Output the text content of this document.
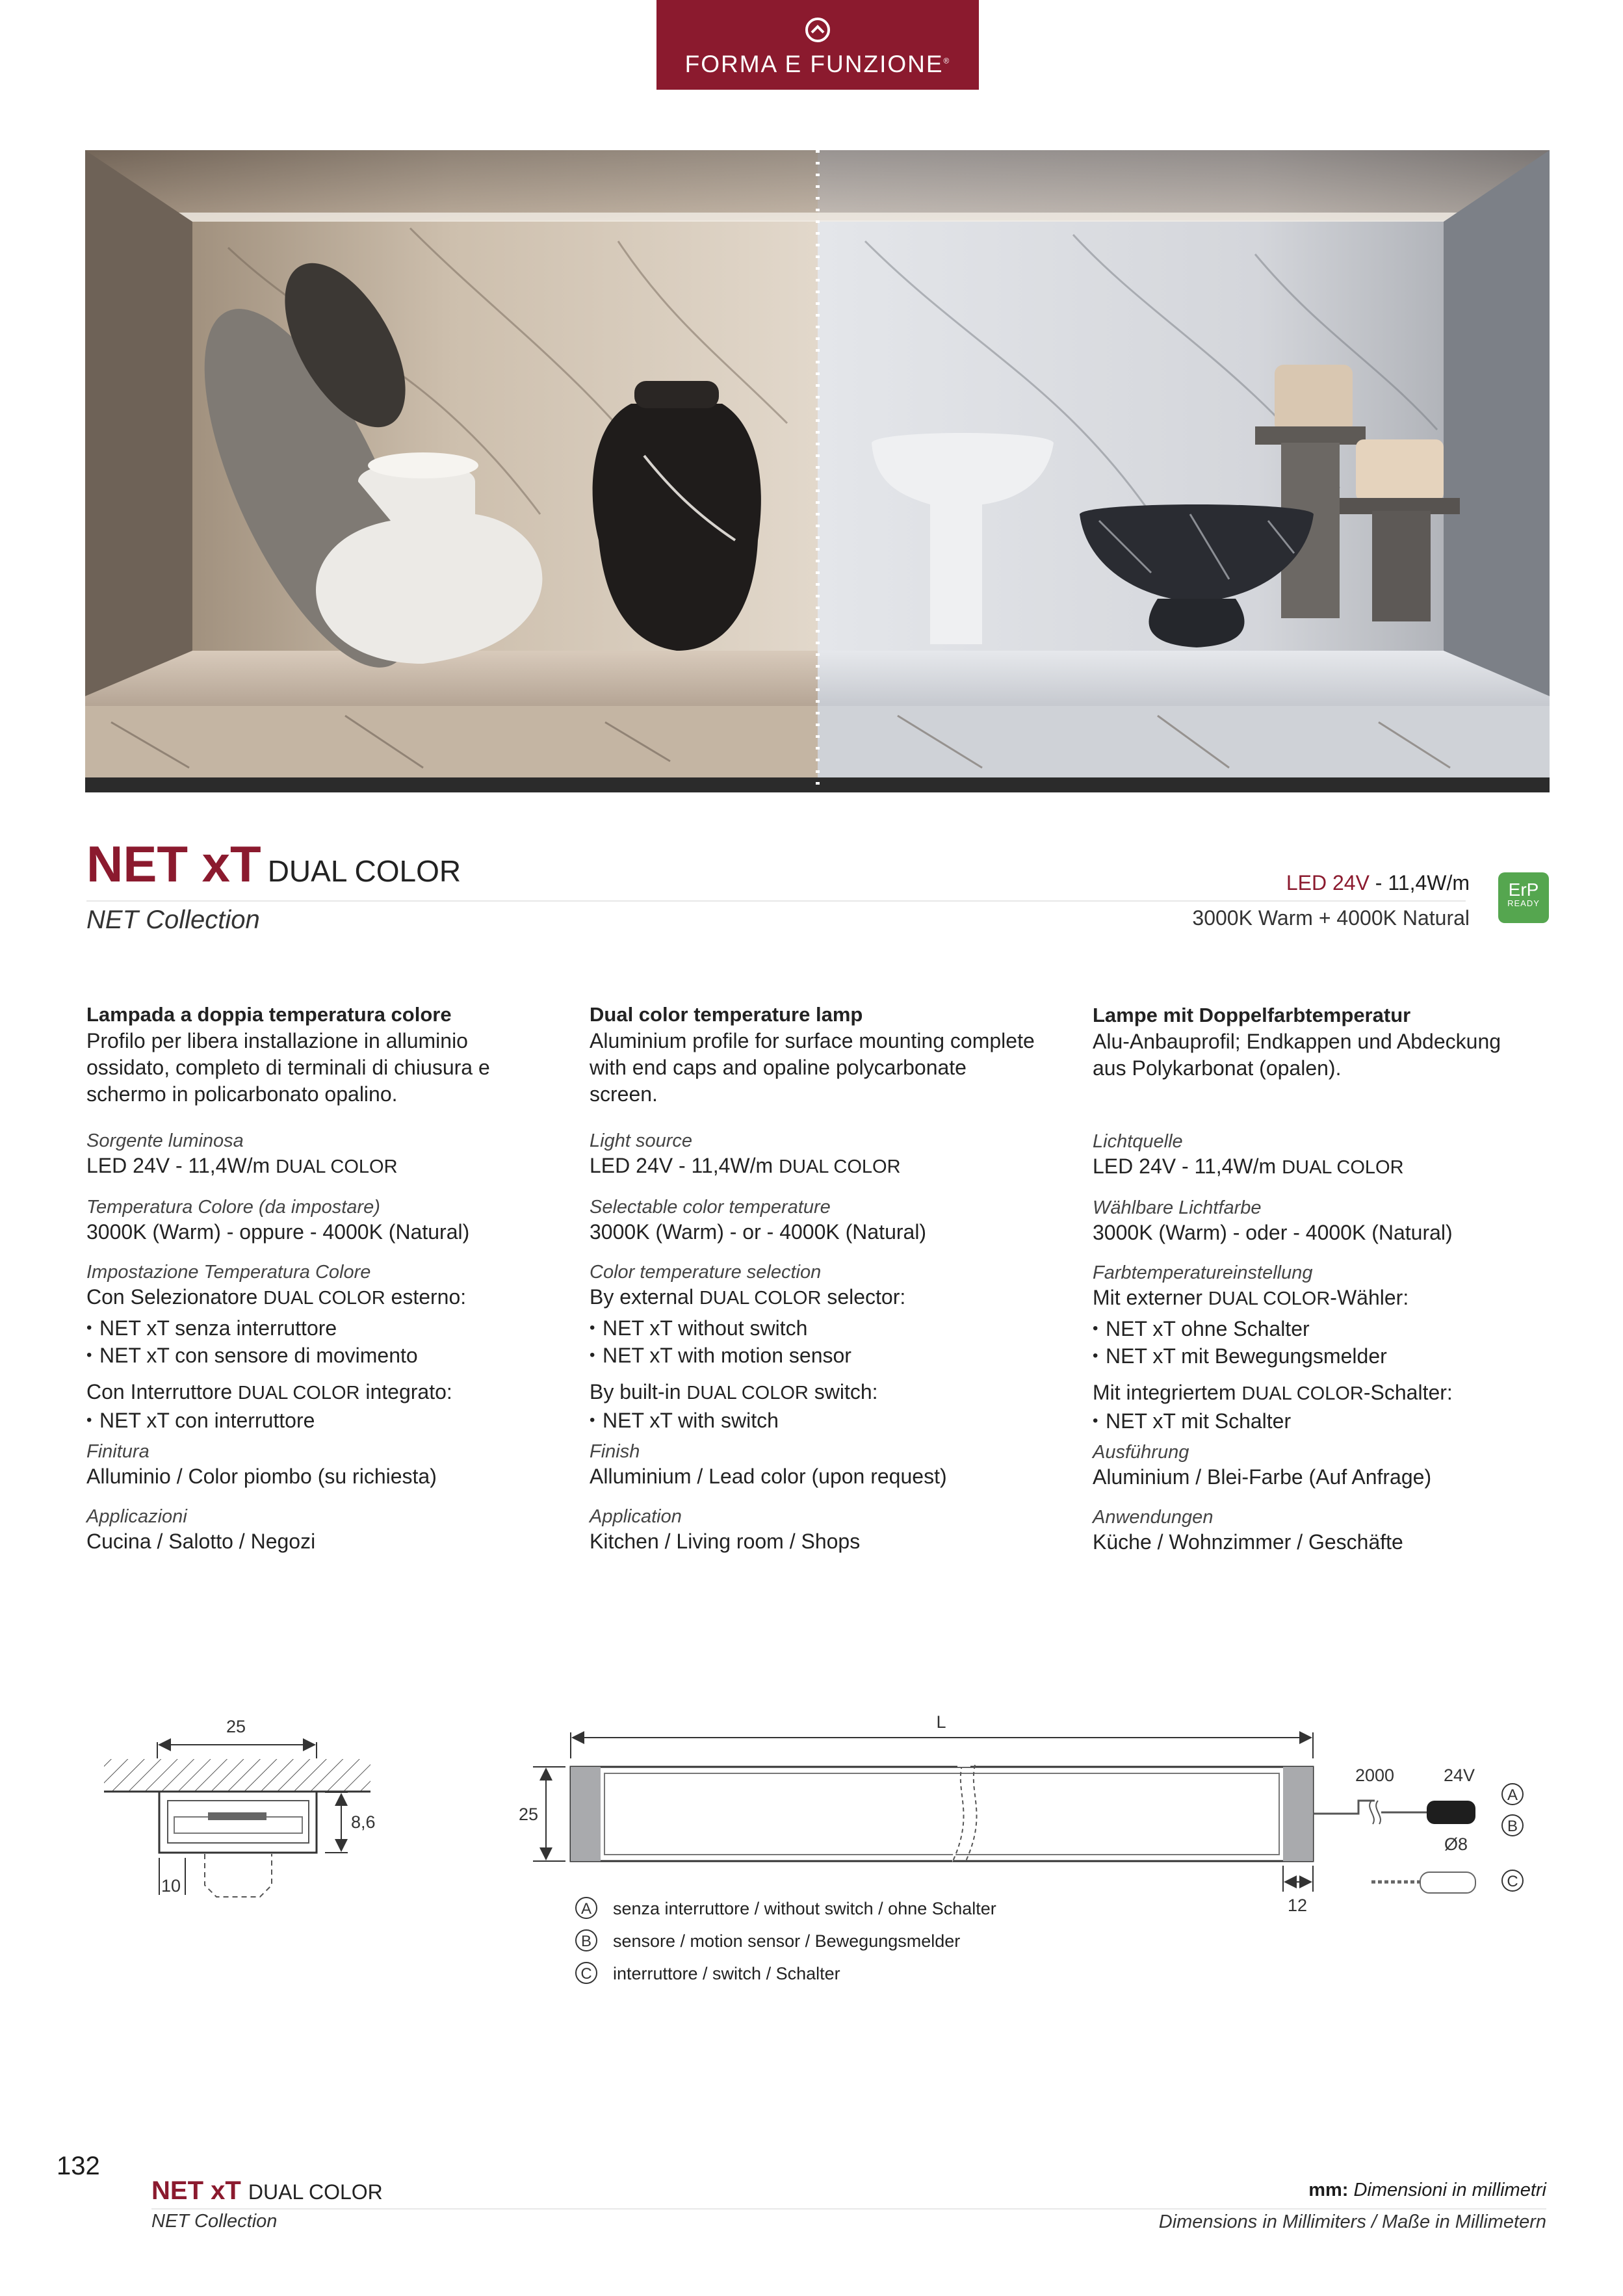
FORMA E FUNZIONE®
NET xT DUAL COLOR
NET Collection
LED 24V - 11,4W/m
3000K Warm + 4000K Natural
ErP
READY
Lampada a doppia temperatura colore
Profilo per libera installazione in alluminio
ossidato, completo di terminali di chiusura e
schermo in policarbonato opalino.
Sorgente luminosa
LED 24V - 11,4W/m DUAL COLOR
Temperatura Colore (da impostare)
3000K (Warm) - oppure - 4000K (Natural)
Impostazione Temperatura Colore
Con Selezionatore DUAL COLOR esterno:
• NET xT senza interruttore
• NET xT con sensore di movimento
Con Interruttore DUAL COLOR integrato:
• NET xT con interruttore
Finitura
Alluminio / Color piombo (su richiesta)
Applicazioni
Cucina / Salotto / Negozi
Dual color temperature lamp
Aluminium profile for surface mounting complete
with end caps and opaline polycarbonate
screen.
Light source
LED 24V - 11,4W/m DUAL COLOR
Selectable color temperature
3000K (Warm) - or - 4000K (Natural)
Color temperature selection
By external DUAL COLOR selector:
• NET xT without switch
• NET xT with motion sensor
By built-in DUAL COLOR switch:
• NET xT with switch
Finish
Alluminium / Lead color (upon request)
Application
Kitchen / Living room / Shops
Lampe mit Doppelfarbtemperatur
Alu-Anbauprofil; Endkappen und Abdeckung
aus Polykarbonat (opalen).

Lichtquelle
LED 24V - 11,4W/m DUAL COLOR
Wählbare Lichtfarbe
3000K (Warm) - oder - 4000K (Natural)
Farbtemperatureinstellung
Mit externer DUAL COLOR-Wähler:
• NET xT ohne Schalter
• NET xT mit Bewegungsmelder
Mit integriertem DUAL COLOR-Schalter:
• NET xT mit Schalter
Ausführung
Aluminium / Blei-Farbe (Auf Anfrage)
Anwendungen
Küche / Wohnzimmer / Geschäfte
25
8,6
10
L
25
12
2000	24V
Ø8
A
B
C
A senza interruttore / without switch / ohne Schalter
B sensore / motion sensor / Bewegungsmelder
C interruttore / switch / Schalter
132
NET xT DUAL COLOR
NET Collection
mm: Dimensioni in millimetri
Dimensions in Millimiters / Maße in Millimetern
